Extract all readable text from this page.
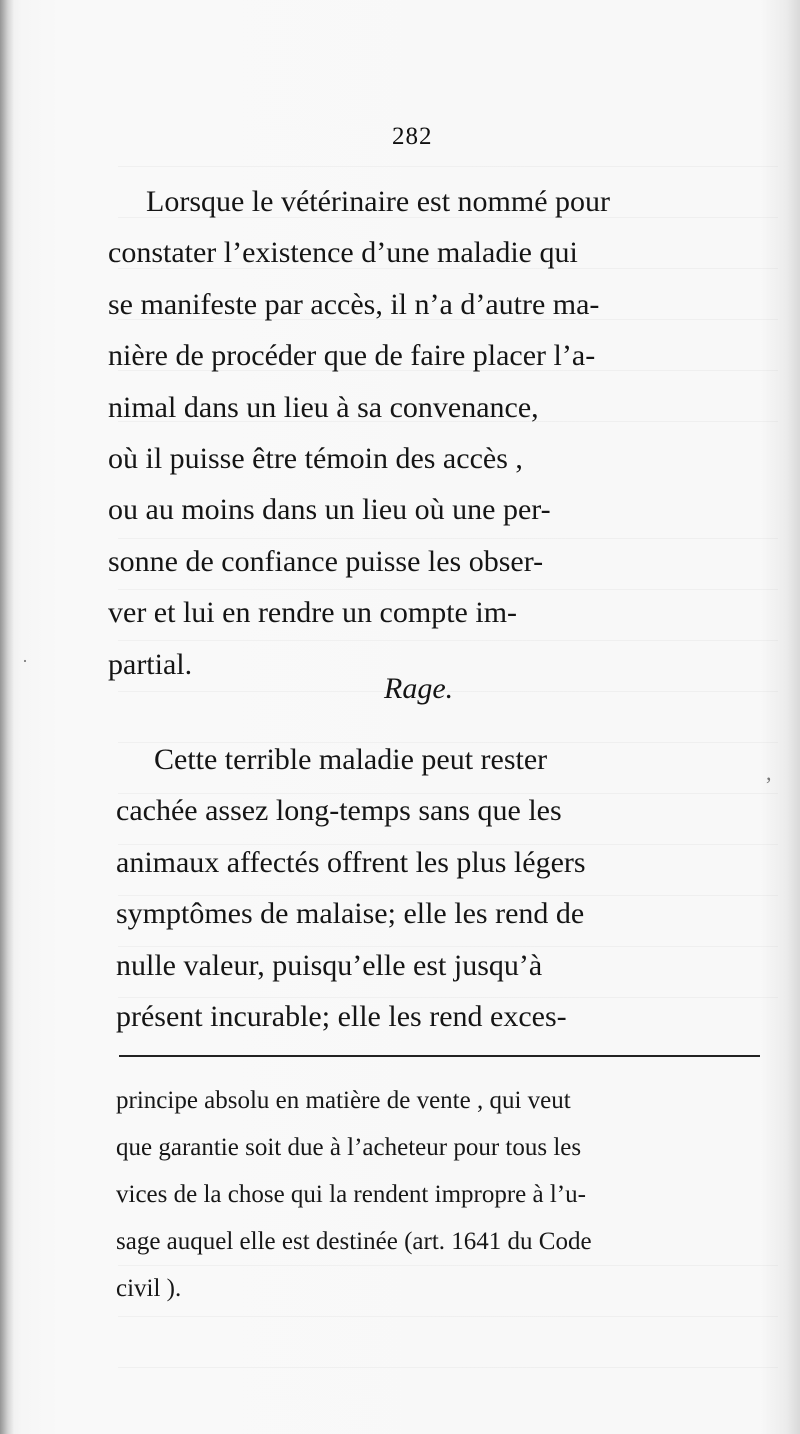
282
Lorsque le vétérinaire est nommé pour
constater l’existence d’une maladie qui
se manifeste par accès, il n’a d’autre ma-
nière de procéder que de faire placer l’a-
nimal dans un lieu à sa convenance,
où il puisse être témoin des accès ,
ou au moins dans un lieu où une per-
sonne de confiance puisse les obser-
ver et lui en rendre un compte im-
partial.
Rage.
Cette terrible maladie peut rester
cachée assez long-temps sans que les
animaux affectés offrent les plus légers
symptômes de malaise; elle les rend de
nulle valeur, puisqu’elle est jusqu’à
présent incurable; elle les rend exces-
principe absolu en matière de vente , qui veut
que garantie soit due à l’acheteur pour tous les
vices de la chose qui la rendent impropre à l’u-
sage auquel elle est destinée (art. 1641 du Code
civil ).
,
·
